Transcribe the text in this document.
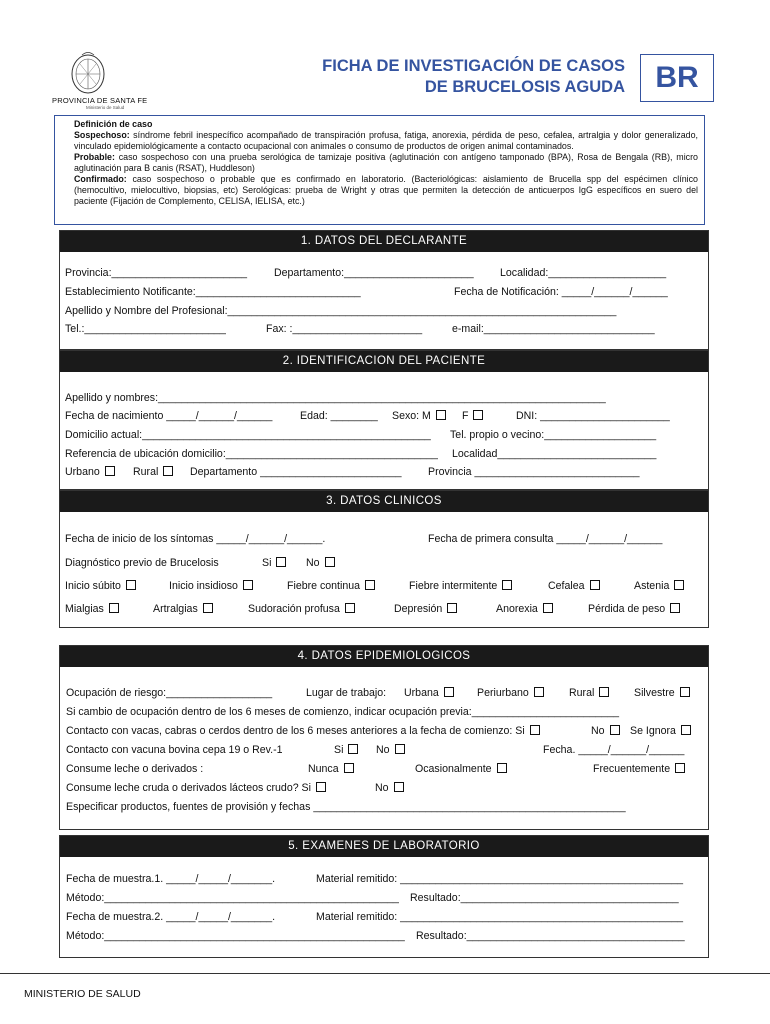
PROVINCIA DE SANTA FE
Ministerio de Salud
FICHA DE INVESTIGACIÓN DE CASOS
DE BRUCELOSIS AGUDA	BR

Definición de caso

Sospechoso: síndrome febril inespecífico acompañado de transpiración profusa, fatiga, anorexia, pérdida de peso, cefalea, artralgia y dolor generalizado, vinculado epidemiológicamente a contacto ocupacional con animales o consumo de productos de origen animal contaminados.

Probable: caso sospechoso con una prueba serológica de tamizaje positiva (aglutinación con antígeno tamponado (BPA), Rosa de Bengala (RB), micro aglutinación para B canis (RSAT), Huddleson)

Confirmado: caso sospechoso o probable que es confirmado en laboratorio. (Bacteriológicas: aislamiento de Brucella spp del espécimen clínico (hemocultivo, mielocultivo, biopsias, etc) Serológicas: prueba de Wright y otras que permiten la detección de anticuerpos IgG específicos en suero del paciente (Fijación de Complemento, CELISA, IELISA, etc.)

1. DATOS DEL DECLARANTE
Provincia:_______________________	Departamento:______________________ Localidad:____________________
Establecimiento Notificante:____________________________	Fecha de Notificación: _____/______/______
Apellido y Nombre del Profesional:__________________________________________________________________
Tel.:________________________	Fax: :______________________	e-mail:_____________________________
2. IDENTIFICACION DEL PACIENTE
Apellido y nombres:____________________________________________________________________________
Fecha de nacimiento _____/______/______	Edad: ________ Sexo: M	F	DNI: ______________________
Domicilio actual:_________________________________________________ Tel. propio o vecino:___________________
Referencia de ubicación domicilio:____________________________________ Localidad___________________________
Urbano	Rural	Departamento ________________________	Provincia ____________________________
3. DATOS CLINICOS
Fecha de inicio de los síntomas _____/______/______.	Fecha de primera consulta _____/______/______
Diagnóstico previo de Brucelosis	Si	No
Inicio súbito	Inicio insidioso	Fiebre continua	Fiebre intermitente	Cefalea	Astenia
Mialgias	Artralgias	Sudoración profusa	Depresión	Anorexia	Pérdida de peso
4. DATOS EPIDEMIOLOGICOS
Ocupación de riesgo:__________________	Lugar de trabajo: Urbana	Periurbano	Rural	Silvestre
Si cambio de ocupación dentro de los 6 meses de comienzo, indicar ocupación previa:_________________________
Contacto con vacas, cabras o cerdos dentro de los 6 meses anteriores a la fecha de comienzo: Si	No	Se Ignora
Contacto con vacuna bovina cepa 19 o Rev.-1	Si	No	Fecha. _____/______/______
Consume leche o derivados :	Nunca	Ocasionalmente	Frecuentemente
Consume leche cruda o derivados lácteos crudo? Si	No
Especificar productos, fuentes de provisión y fechas _____________________________________________________
5. EXAMENES DE LABORATORIO
Fecha de muestra.1. _____/_____/_______.	Material remitido: ________________________________________________
Método:__________________________________________________ Resultado:_____________________________________
Fecha de muestra.2. _____/_____/_______.	Material remitido: ________________________________________________
Método:___________________________________________________ Resultado:_____________________________________
MINISTERIO DE SALUD
